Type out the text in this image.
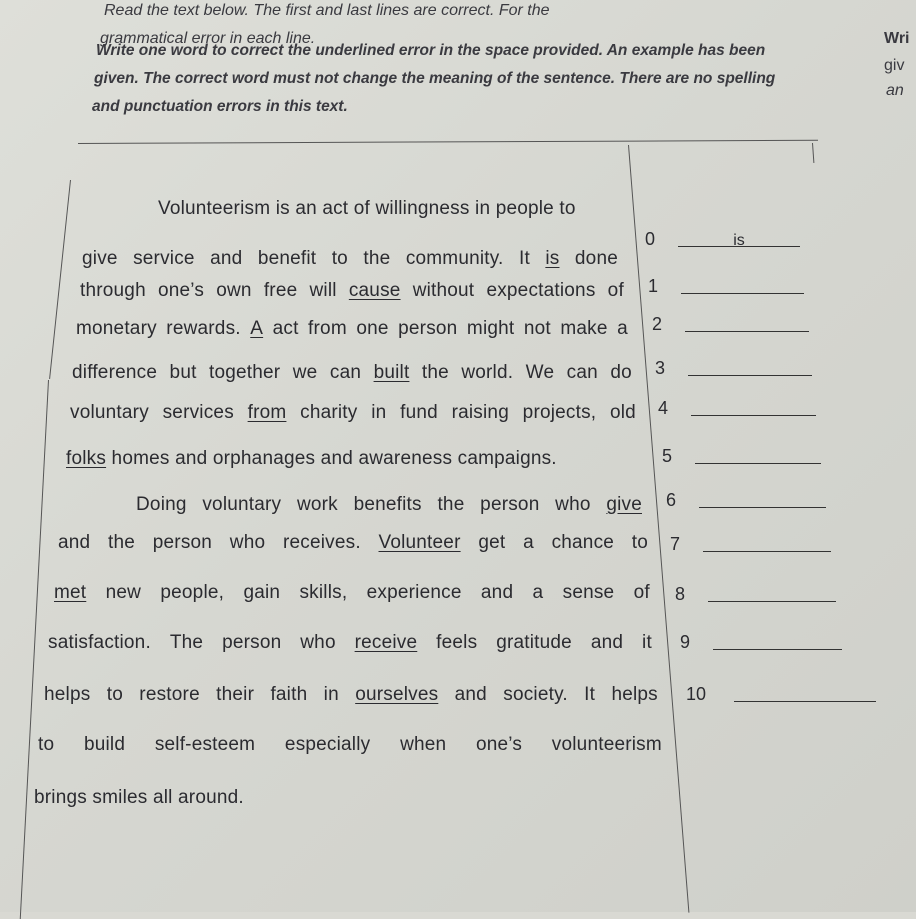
Read the text below. The first and last lines are correct. For the
grammatical error in each line.
Write one word to correct the underlined error in the space provided. An example has been
given. The correct word must not change the meaning of the sentence. There are no spelling
and punctuation errors in this text.
Wri
giv
an
Volunteerism is an act of willingness in people to
give service and benefit to the community. It is done
through one’s own free will cause without expectations of
monetary rewards. A act from one person might not make a
difference but together we can built the world. We can do
voluntary services from charity in fund raising projects, old
folks homes and orphanages and awareness campaigns.
Doing voluntary work benefits the person who give
and the person who receives. Volunteer get a chance to
met new people, gain skills, experience and a sense of
satisfaction. The person who receive feels gratitude and it
helps to restore their faith in ourselves and society. It helps
to build self-esteem especially when one’s volunteerism
brings smiles all around.
0	is
1
2
3
4
5
6
7
8
9
10
